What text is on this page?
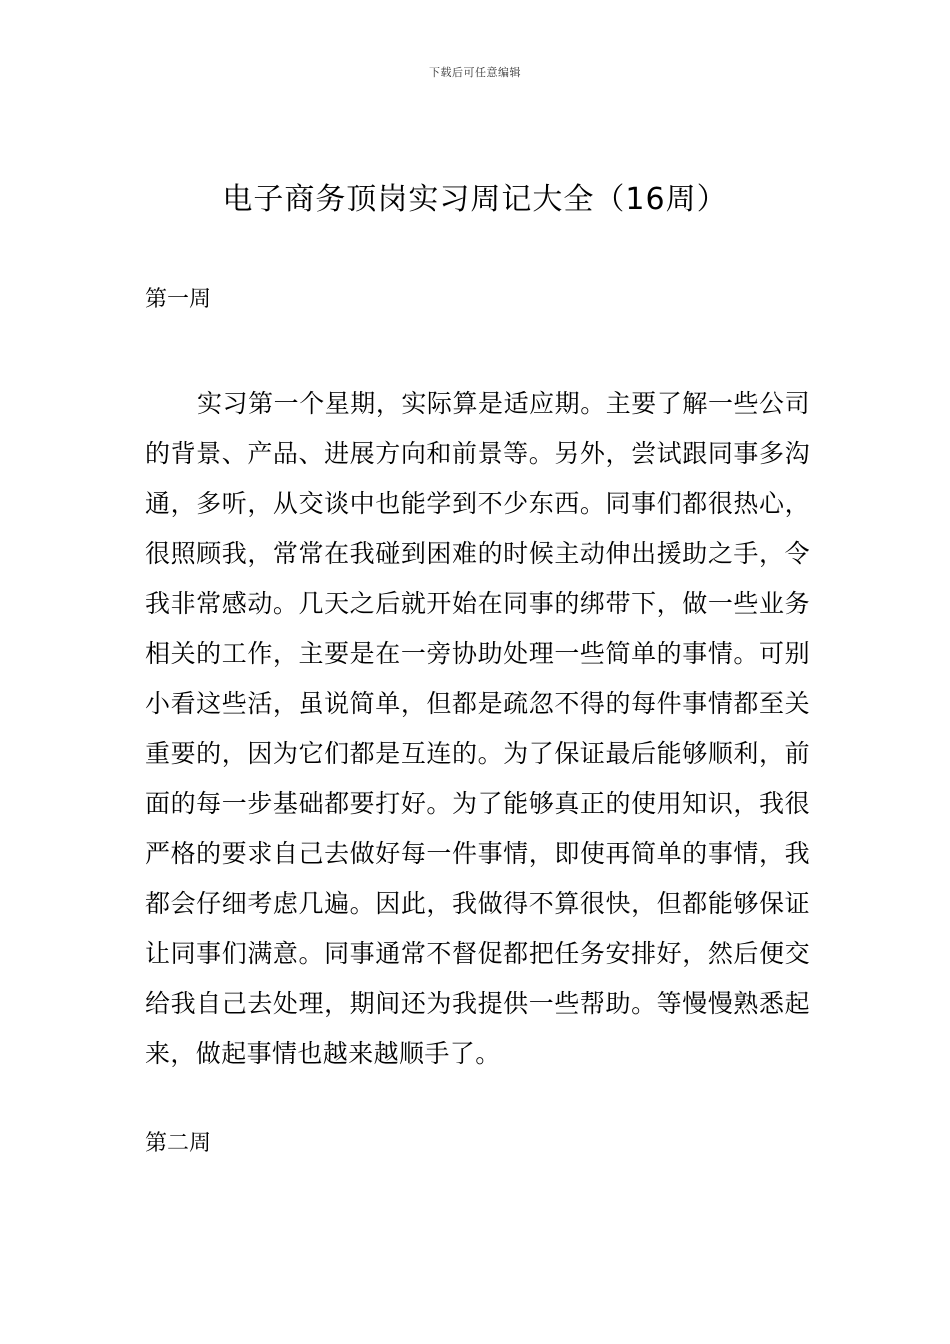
下载后可任意编辑
电子商务顶岗实习周记大全（16周）
第一周

实习第一个星期，实际算是适应期。主要了解一些公司的背景、产品、进展方向和前景等。另外，尝试跟同事多沟通，多听，从交谈中也能学到不少东西。同事们都很热心，很照顾我，常常在我碰到困难的时候主动伸出援助之手，令我非常感动。几天之后就开始在同事的绑带下，做一些业务相关的工作，主要是在一旁协助处理一些简单的事情。可别小看这些活，虽说简单，但都是疏忽不得的每件事情都至关重要的，因为它们都是互连的。为了保证最后能够顺利，前面的每一步基础都要打好。为了能够真正的使用知识，我很严格的要求自己去做好每一件事情，即使再简单的事情，我都会仔细考虑几遍。因此，我做得不算很快，但都能够保证让同事们满意。同事通常不督促都把任务安排好，然后便交给我自己去处理，期间还为我提供一些帮助。等慢慢熟悉起来，做起事情也越来越顺手了。

第二周
